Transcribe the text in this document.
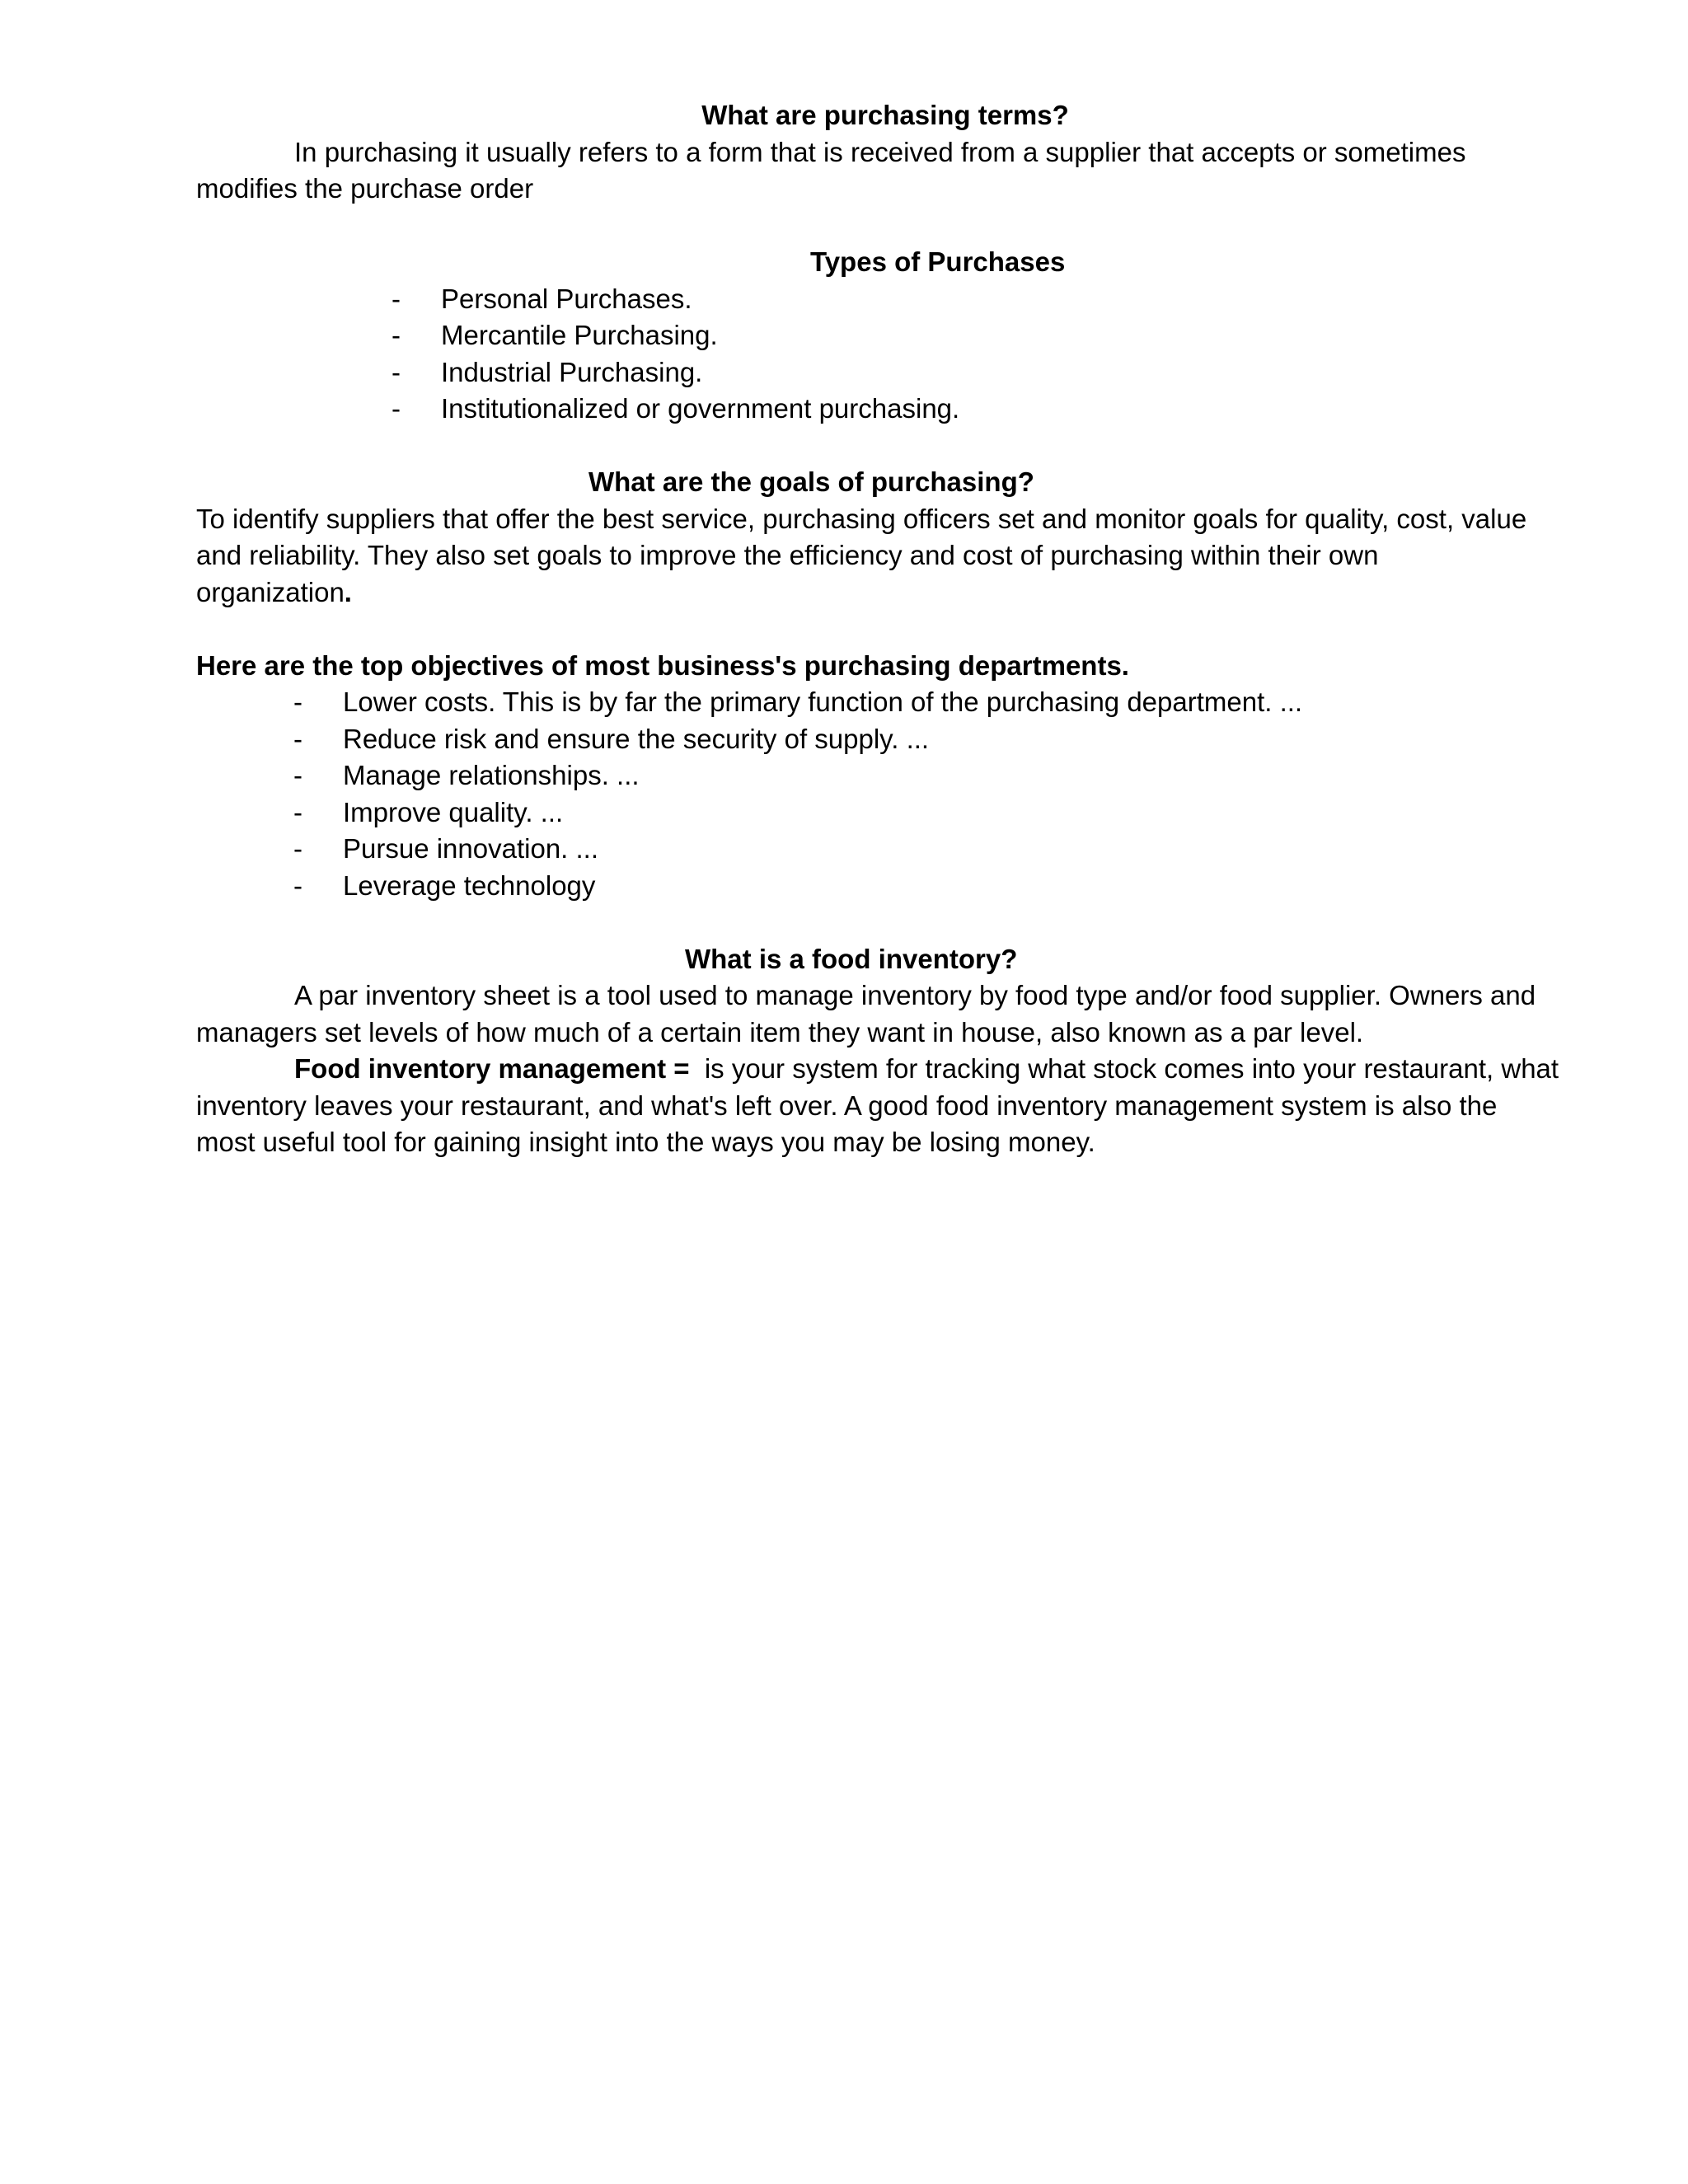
What are purchasing terms?
In purchasing it usually refers to a form that is received from a supplier that accepts or sometimes
modifies the purchase order
Types of Purchases
- Personal Purchases.
- Mercantile Purchasing.
- Industrial Purchasing.
- Institutionalized or government purchasing.
What are the goals of purchasing?
To identify suppliers that offer the best service, purchasing officers set and monitor goals for quality, cost, value
and reliability. They also set goals to improve the efficiency and cost of purchasing within their own
organization.
Here are the top objectives of most business's purchasing departments.
- Lower costs. This is by far the primary function of the purchasing department. ...
- Reduce risk and ensure the security of supply. ...
- Manage relationships. ...
- Improve quality. ...
- Pursue innovation. ...
- Leverage technology
What is a food inventory?
A par inventory sheet is a tool used to manage inventory by food type and/or food supplier. Owners and
managers set levels of how much of a certain item they want in house, also known as a par level.
Food inventory management =  is your system for tracking what stock comes into your restaurant, what
inventory leaves your restaurant, and what's left over. A good food inventory management system is also the
most useful tool for gaining insight into the ways you may be losing money.
